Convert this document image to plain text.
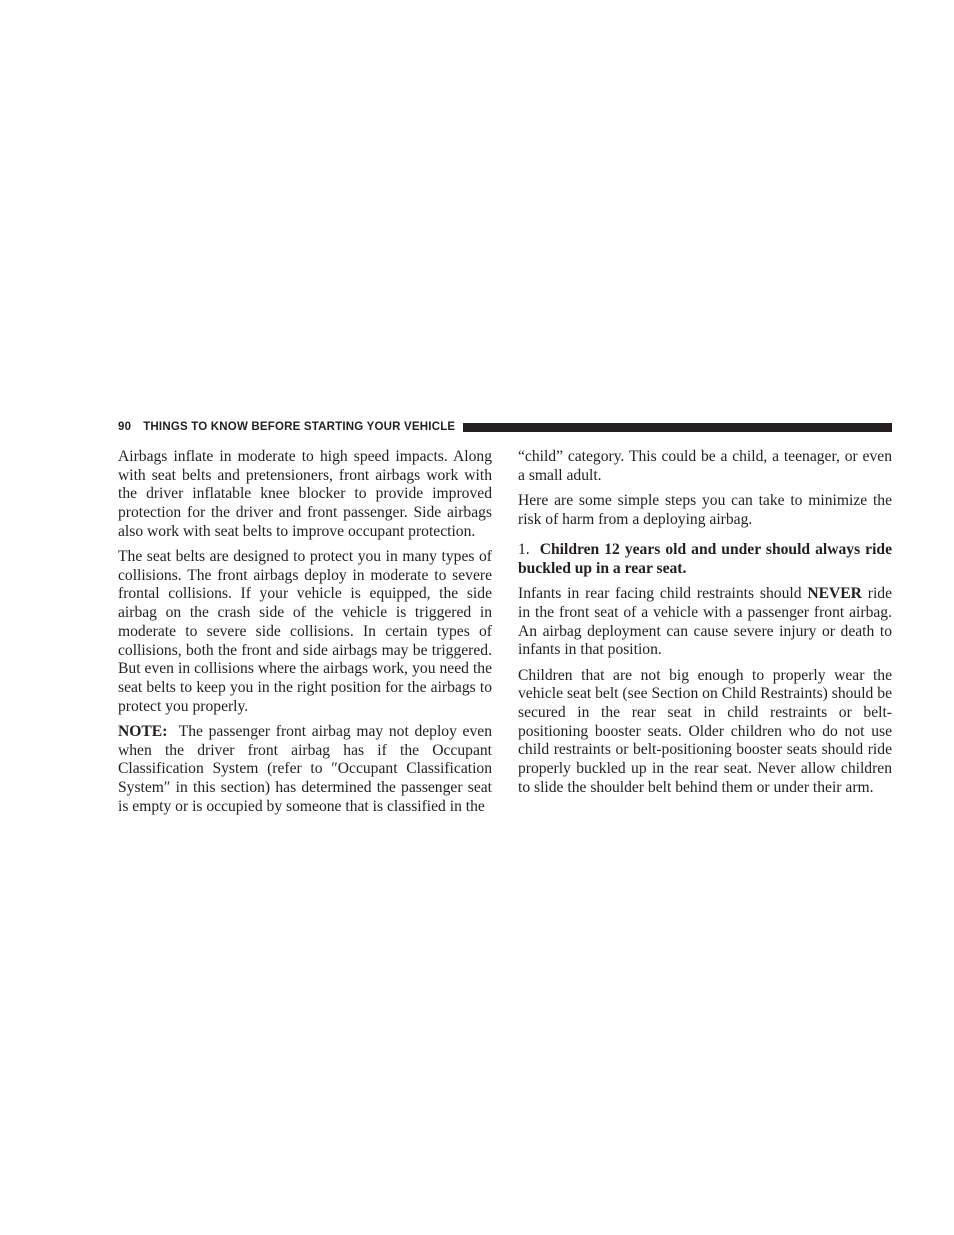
90 THINGS TO KNOW BEFORE STARTING YOUR VEHICLE

Airbags inflate in moderate to high speed impacts. Along with seat belts and pretensioners, front airbags work with the driver inflatable knee blocker to provide improved protection for the driver and front passenger. Side airbags also work with seat belts to improve occupant protection.

The seat belts are designed to protect you in many types of collisions. The front airbags deploy in moderate to severe frontal collisions. If your vehicle is equipped, the side airbag on the crash side of the vehicle is triggered in moderate to severe side collisions. In certain types of collisions, both the front and side airbags may be triggered. But even in collisions where the airbags work, you need the seat belts to keep you in the right position for the airbags to protect you properly.

NOTE: The passenger front airbag may not deploy even when the driver front airbag has if the Occupant Classification System (refer to ″Occupant Classification System″ in this section) has determined the passenger seat is empty or is occupied by someone that is classified in the

“child” category. This could be a child, a teenager, or even a small adult.

Here are some simple steps you can take to minimize the risk of harm from a deploying airbag.

1. Children 12 years old and under should always ride buckled up in a rear seat.

Infants in rear facing child restraints should NEVER ride in the front seat of a vehicle with a passenger front airbag. An airbag deployment can cause severe injury or death to infants in that position.

Children that are not big enough to properly wear the vehicle seat belt (see Section on Child Restraints) should be secured in the rear seat in child restraints or belt-positioning booster seats. Older children who do not use child restraints or belt-positioning booster seats should ride properly buckled up in the rear seat. Never allow children to slide the shoulder belt behind them or under their arm.
